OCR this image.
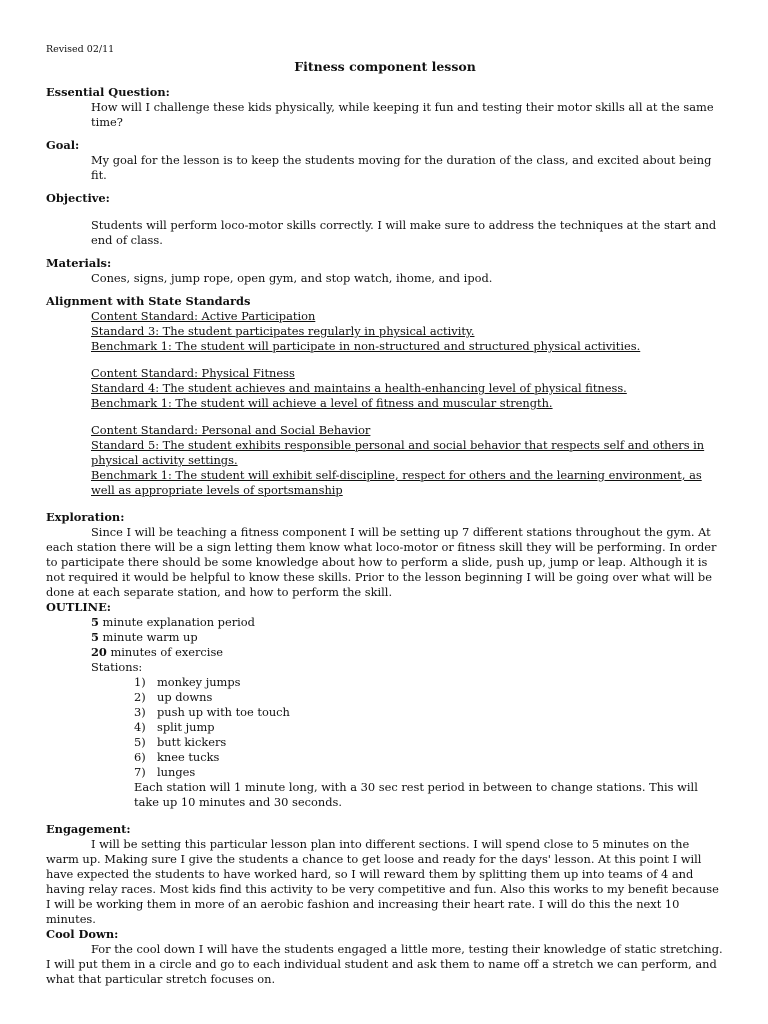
Revised 02/11
Fitness component lesson
Essential Question:
How will I challenge these kids physically, while keeping it fun and testing their motor skills all at the same time?
Goal:
My goal for the lesson is to keep the students moving for the duration of the class, and excited about being fit.
Objective:
Students will perform loco-motor skills correctly. I will make sure to address the techniques at the start and end of class.
Materials:
Cones, signs, jump rope, open gym, and stop watch, ihome, and ipod.
Alignment with State Standards
Content Standard: Active Participation
Standard 3: The student participates regularly in physical activity.
Benchmark 1: The student will participate in non-structured and structured physical activities.
Content Standard: Physical Fitness
Standard 4: The student achieves and maintains a health-enhancing level of physical fitness.
Benchmark 1: The student will achieve a level of fitness and muscular strength.
Content Standard: Personal and Social Behavior
Standard 5: The student exhibits responsible personal and social behavior that respects self and others in physical activity settings.
Benchmark 1: The student will exhibit self-discipline, respect for others and the learning environment, as well as appropriate levels of sportsmanship
Exploration:
Since I will be teaching a fitness component I will be setting up 7 different stations throughout the gym. At each station there will be a sign letting them know what loco-motor or fitness skill they will be performing. In order to participate there should be some knowledge about how to perform a slide, push up, jump or leap. Although it is not required it would be helpful to know these skills. Prior to the lesson beginning I will be going over what will be done at each separate station, and how to perform the skill.
OUTLINE:
5 minute explanation period
5 minute warm up
20 minutes of exercise
Stations:
1) monkey jumps
2) up downs
3) push up with toe touch
4) split jump
5) butt kickers
6) knee tucks
7) lunges
Each station will 1 minute long, with a 30 sec rest period in between to change stations. This will take up 10 minutes and 30 seconds.
Engagement:
I will be setting this particular lesson plan into different sections. I will spend close to 5 minutes on the warm up. Making sure I give the students a chance to get loose and ready for the days' lesson. At this point I will have expected the students to have worked hard, so I will reward them by splitting them up into teams of 4 and having relay races. Most kids find this activity to be very competitive and fun. Also this works to my benefit because I will be working them in more of an aerobic fashion and increasing their heart rate. I will do this the next 10 minutes.
Cool Down:
For the cool down I will have the students engaged a little more, testing their knowledge of static stretching. I will put them in a circle and go to each individual student and ask them to name off a stretch we can perform, and what that particular stretch focuses on.
